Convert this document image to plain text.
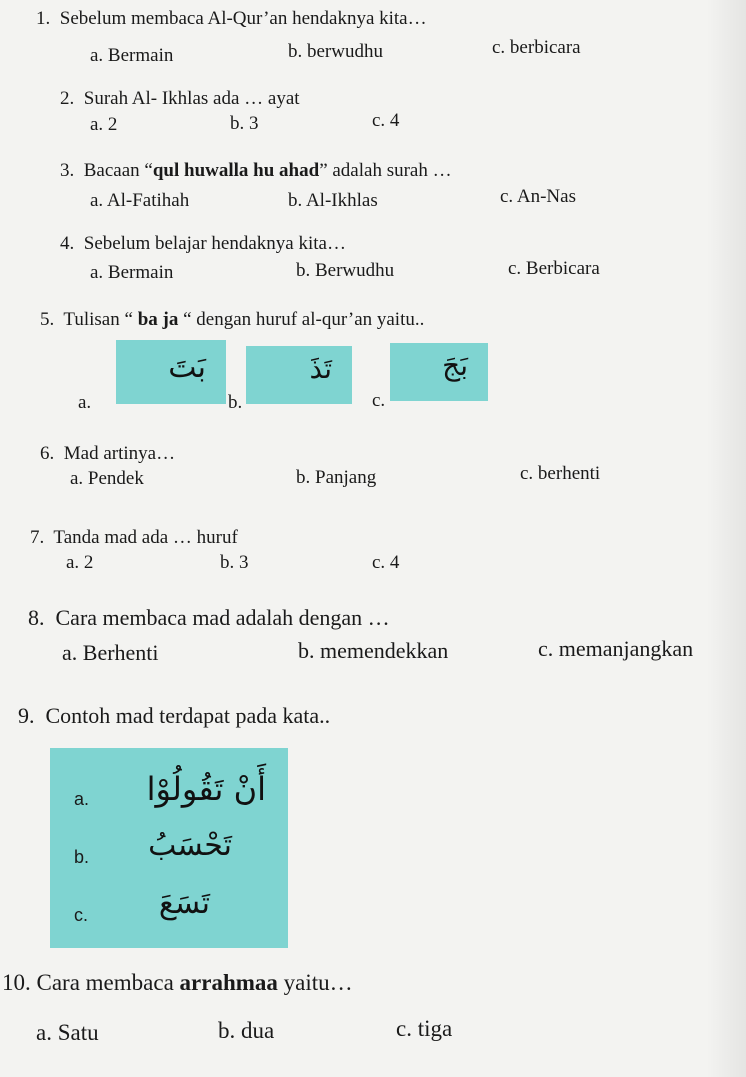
1. Sebelum membaca Al-Qur’an hendaknya kita…
a. Bermain	b. berwudhu	c. berbicara
2. Surah Al- Ikhlas ada … ayat
a. 2	b. 3	c. 4
3. Bacaan “qul huwalla hu ahad” adalah surah …
a. Al-Fatihah	b. Al-Ikhlas	c. An-Nas
4. Sebelum belajar hendaknya kita…
a. Bermain	b. Berwudhu	c. Berbicara
5. Tulisan “ ba ja “ dengan huruf al-qur’an yaitu..
a.
بَتَ
b.
تَذَ
c.
بَجَ
6. Mad artinya…
a. Pendek	b. Panjang	c. berhenti
7. Tanda mad ada … huruf
a. 2	b. 3	c. 4
8. Cara membaca mad adalah dengan …
a. Berhenti	b. memendekkan	c. memanjangkan
9. Contoh mad terdapat pada kata..
a. أَنْ تَقُولُوْا
b. تَحْسَبُ
c. تَسَعَ
10. Cara membaca arrahmaa yaitu…
a. Satu	b. dua	c. tiga
